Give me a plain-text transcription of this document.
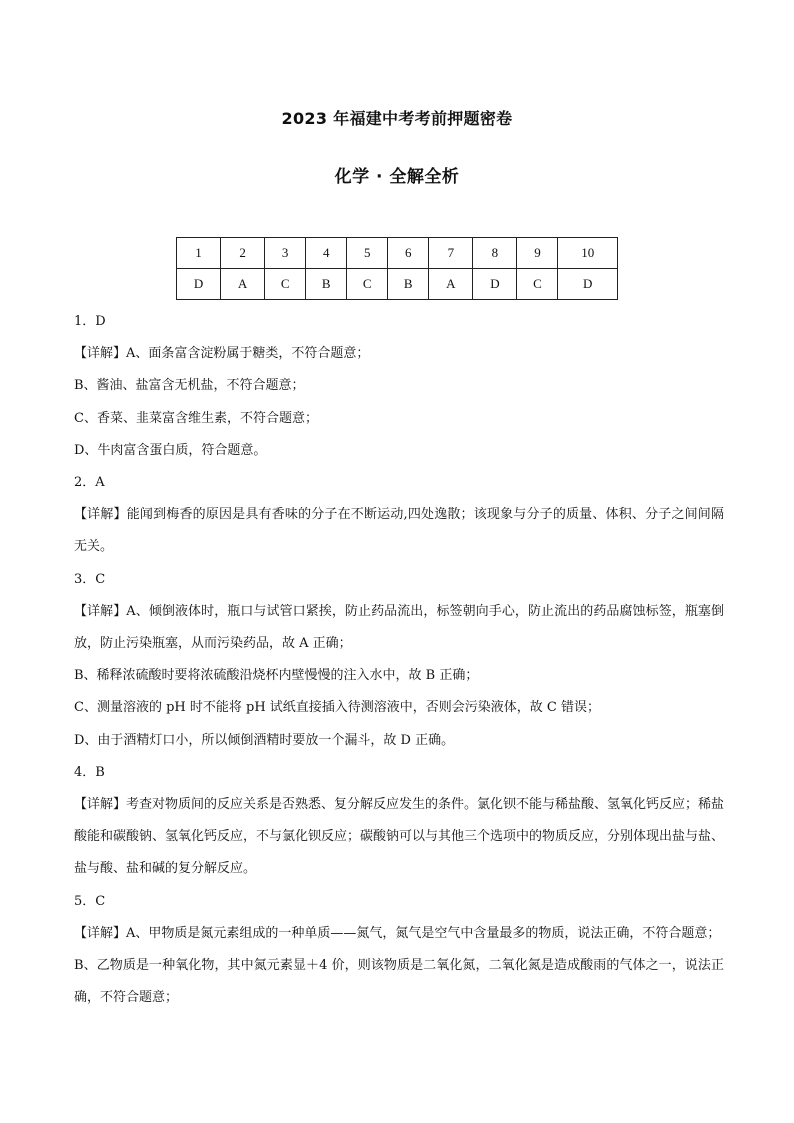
2023 年福建中考考前押题密卷
化学 · 全解全析
1	2	3	4	5	6	7	8	9	10
D	A	C	B	C	B	A	D	C	D

1．D

【详解】A、面条富含淀粉属于糖类，不符合题意；

B、酱油、盐富含无机盐，不符合题意；

C、香菜、韭菜富含维生素，不符合题意；

D、牛肉富含蛋白质，符合题意。

2．A

【详解】能闻到梅香的原因是具有香味的分子在不断运动,四处逸散；该现象与分子的质量、体积、分子之间间隔无关。

3．C

【详解】A、倾倒液体时，瓶口与试管口紧挨，防止药品流出，标签朝向手心，防止流出的药品腐蚀标签，瓶塞倒放，防止污染瓶塞，从而污染药品，故 A 正确；

B、稀释浓硫酸时要将浓硫酸沿烧杯内壁慢慢的注入水中，故 B 正确；

C、测量溶液的 pH 时不能将 pH 试纸直接插入待测溶液中，否则会污染液体，故 C 错误；

D、由于酒精灯口小，所以倾倒酒精时要放一个漏斗，故 D 正确。

4．B

【详解】考查对物质间的反应关系是否熟悉、复分解反应发生的条件。氯化钡不能与稀盐酸、氢氧化钙反应；稀盐酸能和碳酸钠、氢氧化钙反应，不与氯化钡反应；碳酸钠可以与其他三个选项中的物质反应，分别体现出盐与盐、盐与酸、盐和碱的复分解反应。

5．C

【详解】A、甲物质是氮元素组成的一种单质——氮气，氮气是空气中含量最多的物质，说法正确，不符合题意；

B、乙物质是一种氧化物，其中氮元素显＋4 价，则该物质是二氧化氮，二氧化氮是造成酸雨的气体之一，说法正确，不符合题意；
